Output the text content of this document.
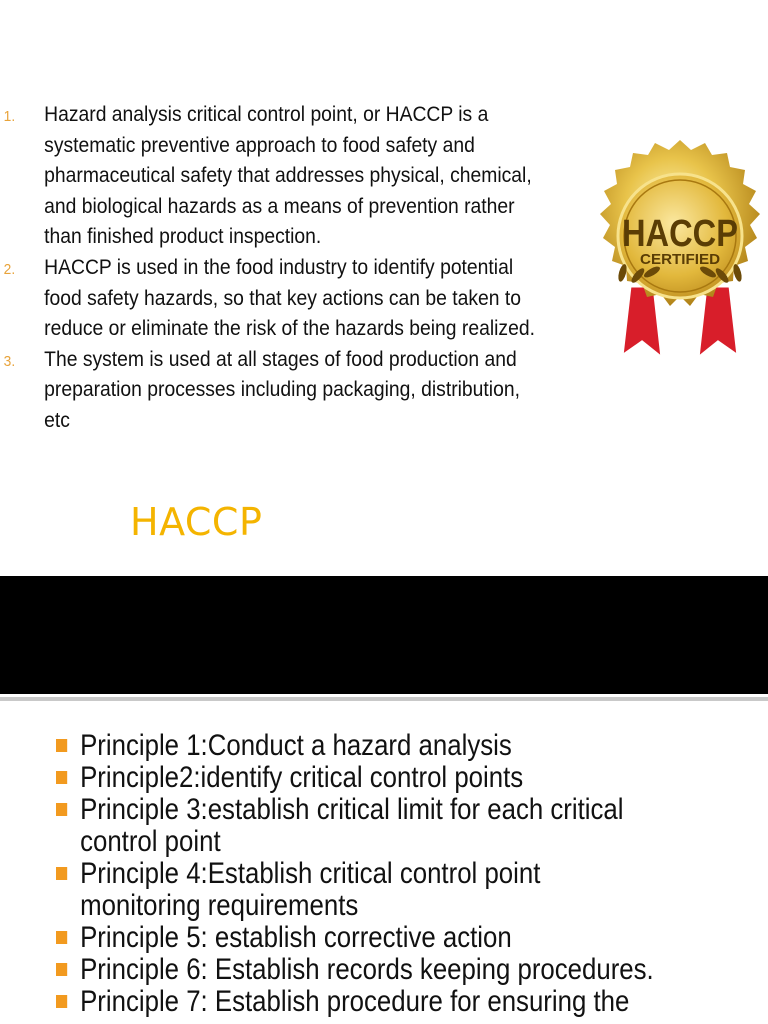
1. Hazard analysis critical control point, or HACCP is a
systematic preventive approach to food safety and
pharmaceutical safety that addresses physical, chemical,
and biological hazards as a means of prevention rather
than finished product inspection.
2. HACCP is used in the food industry to identify potential
food safety hazards, so that key actions can be taken to
reduce or eliminate the risk of the hazards being realized.
3. The system is used at all stages of food production and
preparation processes including packaging, distribution,
etc
HACCP
CERTIFIED
HACCP
Principle 1:Conduct a hazard analysis
Principle2:identify critical control points
Principle 3:establish critical limit for each critical
control point
Principle 4:Establish critical control point
monitoring requirements
Principle 5: establish corrective action
Principle 6: Establish records keeping procedures.
Principle 7: Establish procedure for ensuring the
